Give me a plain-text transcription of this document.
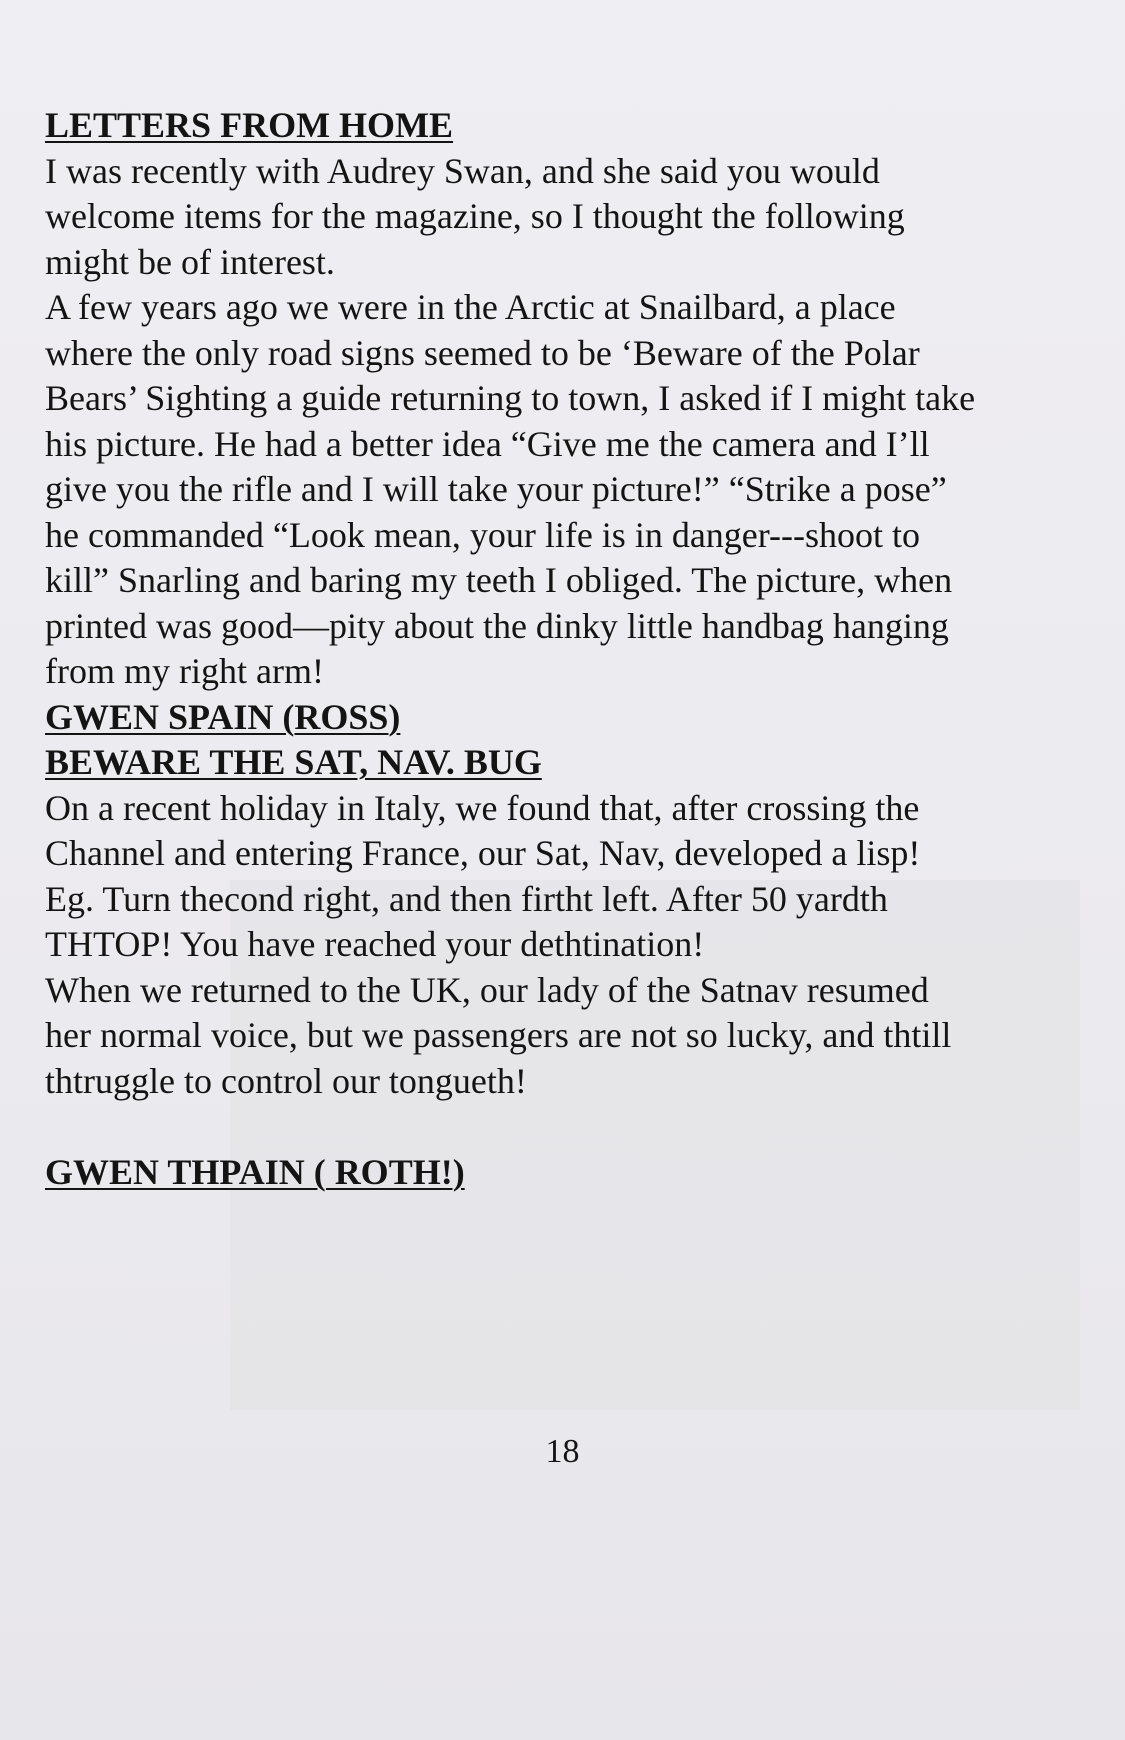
LETTERS FROM HOME
I was recently with Audrey Swan, and she said you would
welcome items for the magazine, so I thought the following
might be of interest.
A few years ago we were in the Arctic at Snailbard, a place
where the only road signs seemed to be ‘Beware of the Polar
Bears’ Sighting a guide returning to town, I asked if I might take
his picture. He had a better idea “Give me the camera and I’ll
give you the rifle and I will take your picture!” “Strike a pose”
he commanded “Look mean, your life is in danger---shoot to
kill” Snarling and baring my teeth I obliged. The picture, when
printed was good—pity about the dinky little handbag hanging
from my right arm!
GWEN SPAIN (ROSS)
BEWARE THE SAT, NAV. BUG
On a recent holiday in Italy, we found that, after crossing the
Channel and entering France, our Sat, Nav, developed a lisp!
Eg. Turn thecond right, and then firtht left. After 50 yardth
THTOP! You have reached your dethtination!
When we returned to the UK, our lady of the Satnav resumed
her normal voice, but we passengers are not so lucky, and thtill
thtruggle to control our tongueth!
GWEN THPAIN ( ROTH!)
18
